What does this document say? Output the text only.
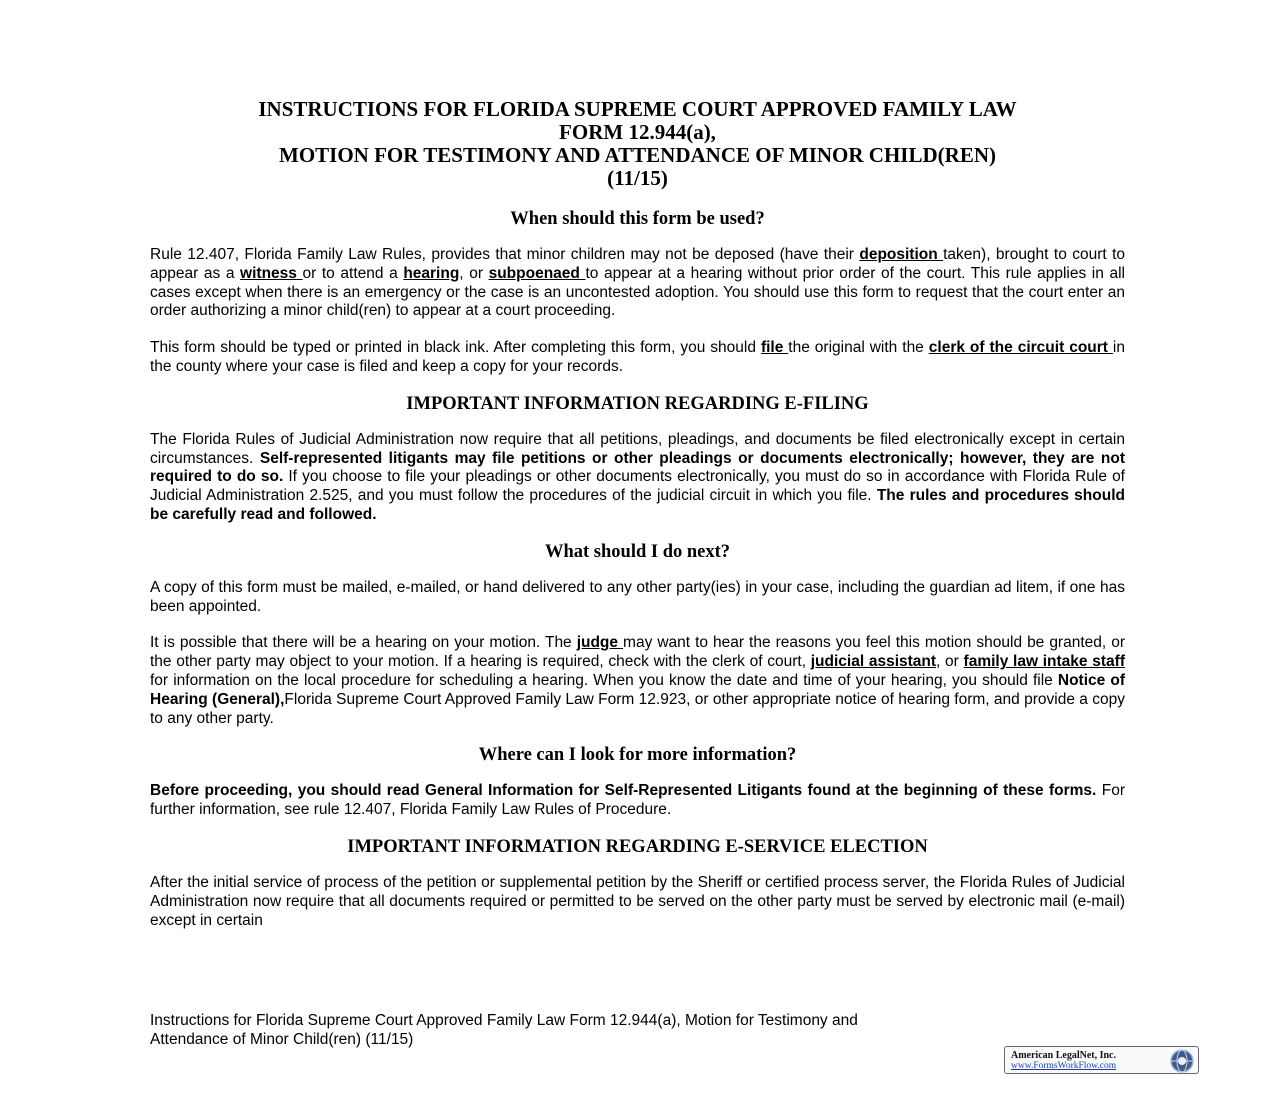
INSTRUCTIONS FOR FLORIDA SUPREME COURT APPROVED FAMILY LAW
FORM 12.944(a),
MOTION FOR TESTIMONY AND ATTENDANCE OF MINOR CHILD(REN)
(11/15)
When should this form be used?

Rule 12.407, Florida Family Law Rules, provides that minor children may not be deposed (have their deposition taken), brought to court to appear as a witness or to attend a hearing, or subpoenaed to appear at a hearing without prior order of the court. This rule applies in all cases except when there is an emergency or the case is an uncontested adoption. You should use this form to request that the court enter an order authorizing a minor child(ren) to appear at a court proceeding.

This form should be typed or printed in black ink. After completing this form, you should file the original with the clerk of the circuit court in the county where your case is filed and keep a copy for your records.

IMPORTANT INFORMATION REGARDING E-FILING

The Florida Rules of Judicial Administration now require that all petitions, pleadings, and documents be filed electronically except in certain circumstances. Self-represented litigants may file petitions or other pleadings or documents electronically; however, they are not required to do so. If you choose to file your pleadings or other documents electronically, you must do so in accordance with Florida Rule of Judicial Administration 2.525, and you must follow the procedures of the judicial circuit in which you file. The rules and procedures should be carefully read and followed.

What should I do next?

A copy of this form must be mailed, e-mailed, or hand delivered to any other party(ies) in your case, including the guardian ad litem, if one has been appointed.

It is possible that there will be a hearing on your motion. The judge may want to hear the reasons you feel this motion should be granted, or the other party may object to your motion. If a hearing is required, check with the clerk of court, judicial assistant, or family law intake staff for information on the local procedure for scheduling a hearing. When you know the date and time of your hearing, you should file Notice of Hearing (General),Florida Supreme Court Approved Family Law Form 12.923, or other appropriate notice of hearing form, and provide a copy to any other party.

Where can I look for more information?

Before proceeding, you should read General Information for Self-Represented Litigants found at the beginning of these forms. For further information, see rule 12.407, Florida Family Law Rules of Procedure.

IMPORTANT INFORMATION REGARDING E-SERVICE ELECTION

After the initial service of process of the petition or supplemental petition by the Sheriff or certified process server, the Florida Rules of Judicial Administration now require that all documents required or permitted to be served on the other party must be served by electronic mail (e-mail) except in certain

Instructions for Florida Supreme Court Approved Family Law Form 12.944(a), Motion for Testimony and
Attendance of Minor Child(ren) (11/15)
American LegalNet, Inc.
www.FormsWorkFlow.com
